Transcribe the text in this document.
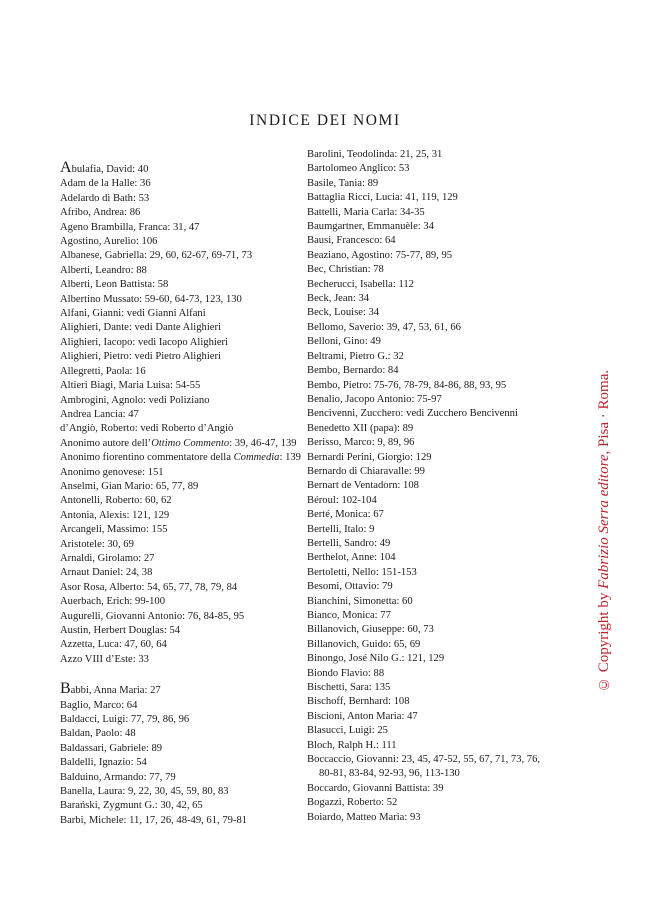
INDICE DEI NOMI
Abulafia, David: 40
Adam de la Halle: 36
Adelardo di Bath: 53
Afribo, Andrea: 86
Ageno Brambilla, Franca: 31, 47
Agostino, Aurelio: 106
Albanese, Gabriella: 29, 60, 62-67, 69-71, 73
Alberti, Leandro: 88
Alberti, Leon Battista: 58
Albertino Mussato: 59-60, 64-73, 123, 130
Alfani, Gianni: vedi Gianni Alfani
Alighieri, Dante: vedi Dante Alighieri
Alighieri, Iacopo: vedi Iacopo Alighieri
Alighieri, Pietro: vedi Pietro Alighieri
Allegretti, Paola: 16
Altieri Biagi, Maria Luisa: 54-55
Ambrogini, Agnolo: vedi Poliziano
Andrea Lancia: 47
d’Angiò, Roberto: vedi Roberto d’Angiò
Anonimo autore dell’Ottimo Commento: 39, 46-47, 139
Anonimo fiorentino commentatore della Commedia: 139
Anonimo genovese: 151
Anselmi, Gian Mario: 65, 77, 89
Antonelli, Roberto: 60, 62
Antonia, Alexis: 121, 129
Arcangeli, Massimo: 155
Aristotele: 30, 69
Arnaldi, Girolamo: 27
Arnaut Daniel: 24, 38
Asor Rosa, Alberto: 54, 65, 77, 78, 79, 84
Auerbach, Erich: 99-100
Augurelli, Giovanni Antonio: 76, 84-85, 95
Austin, Herbert Douglas: 54
Azzetta, Luca: 47, 60, 64
Azzo VIII d’Este: 33
Babbi, Anna Maria: 27
Baglio, Marco: 64
Baldacci, Luigi: 77, 79, 86, 96
Baldan, Paolo: 48
Baldassari, Gabriele: 89
Baldelli, Ignazio: 54
Balduino, Armando: 77, 79
Banella, Laura: 9, 22, 30, 45, 59, 80, 83
Barański, Zygmunt G.: 30, 42, 65
Barbi, Michele: 11, 17, 26, 48-49, 61, 79-81
Barolini, Teodolinda: 21, 25, 31
Bartolomeo Anglico: 53
Basile, Tania: 89
Battaglia Ricci, Lucia: 41, 119, 129
Battelli, Maria Carla: 34-35
Baumgartner, Emmanuèle: 34
Bausi, Francesco: 64
Beaziano, Agostino: 75-77, 89, 95
Bec, Christian: 78
Becherucci, Isabella: 112
Beck, Jean: 34
Beck, Louise: 34
Bellomo, Saverio: 39, 47, 53, 61, 66
Belloni, Gino: 49
Beltrami, Pietro G.: 32
Bembo, Bernardo: 84
Bembo, Pietro: 75-76, 78-79, 84-86, 88, 93, 95
Benalio, Jacopo Antonio: 75-97
Bencivenni, Zucchero: vedi Zucchero Bencivenni
Benedetto XII (papa): 89
Berisso, Marco: 9, 89, 96
Bernardi Perini, Giorgio: 129
Bernardo di Chiaravalle: 99
Bernart de Ventadorn: 108
Béroul: 102-104
Berté, Monica: 67
Bertelli, Italo: 9
Bertelli, Sandro: 49
Berthelot, Anne: 104
Bertoletti, Nello: 151-153
Besomi, Ottavio: 79
Bianchini, Simonetta: 60
Bianco, Monica: 77
Billanovich, Giuseppe: 60, 73
Billanovich, Guido: 65, 69
Binongo, José Nilo G.: 121, 129
Biondo Flavio: 88
Bischetti, Sara: 135
Bischoff, Bernhard: 108
Biscioni, Anton Maria: 47
Blasucci, Luigi: 25
Bloch, Ralph H.: 111
Boccaccio, Giovanni: 23, 45, 47-52, 55, 67, 71, 73, 76, 80-81, 83-84, 92-93, 96, 113-130
Boccardo, Giovanni Battista: 39
Bogazzi, Roberto: 52
Boiardo, Matteo Maria: 93
© Copyright by Fabrizio Serra editore, Pisa · Roma.
